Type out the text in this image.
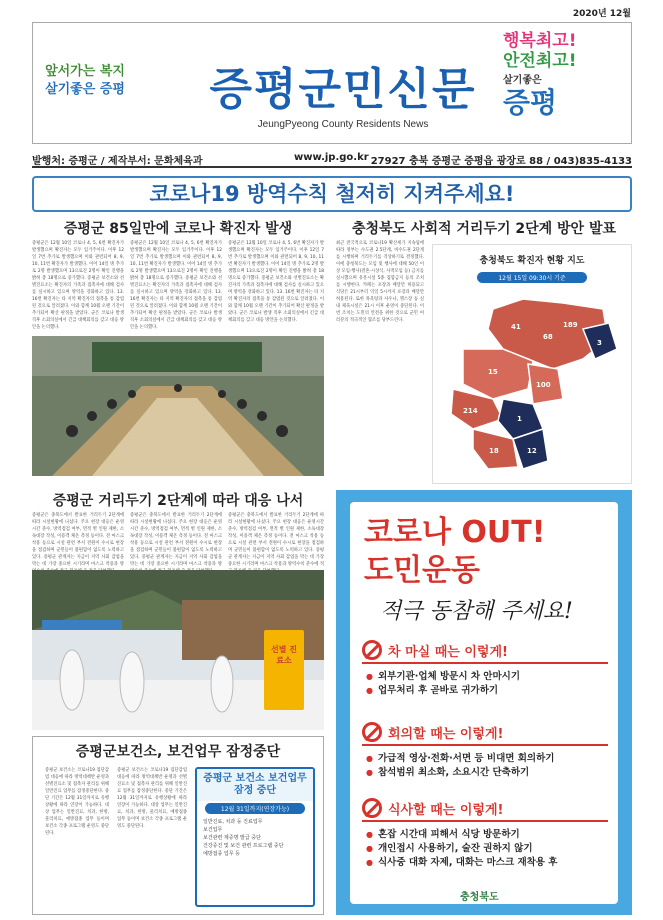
2020년 12월
앞서가는 복지
살기좋은 증평	증평군민신문
JeungPyeong County Residents News
행복최고!
안전최고!
살기좋은
증평
발행처: 증평군 / 제작부서: 문화체육과	www.jp.go.kr 27927 충북 증평군 증평읍 광장로 88 / 043)835-4133
코로나19 방역수칙 철저히 지켜주세요!
증평군 85일만에 코로나 확진자 발생
증평군은 12월 10일 코로나 4, 5, 6번 확진자가 발생했으며 확진자는 모두 입거주이다. 이후 12일 7번 추가로 발생했으며 이와 관련되어 8, 9, 10, 11번 확진자가 발생했다. 이어 14일 병 추가로 2명 발생했으며 13으로진 2명이 확인 진행을 밝혀 총 18명으로 증가했다. 증평군 보건소와 선별진료소는 확진자의 가족과 접촉자에 대해 검사를 실시하고 있으며 방역을 강화하고 있다. 13. 16번 확진자는 타 지역 확진자의 접촉을 통 감염된 것으로 알려졌다. 이와 함께 10월 오랜 기간이 추가되어 확산 판정을 받았다. 군은 코로나 발생 직후 소회의실에서 긴급 대책회의를 갖고 대응 방안을 논의했다.
증평군은 12월 10일 코로나 4, 5, 6번 확진자가 발생했으며 확진자는 모두 입거주이다. 이후 12일 7번 추가로 발생했으며 이와 관련되어 8, 9, 10, 11번 확진자가 발생했다. 이어 14일 병 추가로 2명 발생했으며 13으로진 2명이 확인 진행을 밝혀 총 18명으로 증가했다. 증평군 보건소와 선별진료소는 확진자의 가족과 접촉자에 대해 검사를 실시하고 있으며 방역을 강화하고 있다. 13. 16번 확진자는 타 지역 확진자의 접촉을 통 감염된 것으로 알려졌다. 이와 함께 10월 오랜 기간이 추가되어 확산 판정을 받았다. 군은 코로나 발생 직후 소회의실에서 긴급 대책회의를 갖고 대응 방안을 논의했다.
증평군은 12월 10일 코로나 4, 5, 6번 확진자가 발생했으며 확진자는 모두 입거주이다. 이후 12일 7번 추가로 발생했으며 이와 관련되어 8, 9, 10, 11번 확진자가 발생했다. 이어 14일 병 추가로 2명 발생했으며 13으로진 2명이 확인 진행을 밝혀 총 18명으로 증가했다. 증평군 보건소와 선별진료소는 확진자의 가족과 접촉자에 대해 검사를 실시하고 있으며 방역을 강화하고 있다. 13. 16번 확진자는 타 지역 확진자의 접촉을 통 감염된 것으로 알려졌다. 이와 함께 10월 오랜 기간이 추가되어 확산 판정을 받았다. 군은 코로나 발생 직후 소회의실에서 긴급 대책회의를 갖고 대응 방안을 논의했다.
충청북도 사회적 거리두기 2단계 방안 발표
최근 전국적으로 코로나19 확산세가 지속됨에 따라 정부는 수도권 2.5단계, 비수도권 2단계를 시행하며 거리두기를 격상하기로 결정했다. 이에 충청북도는 모임 및 행사에 대해 50인 이상 모임·행사(결혼·시상식, 사적모임 등) 금지를 실시했으며 유흥시설 5종 집합금지 등의 조치를 시행한다. 카페는 포장과 배달만 허용되고 식당은 21시부터 익일 5시까지 포장과 배달만 허용된다. 또한 목욕탕과 사우나, 헬스장 등 실내 체육시설은 21시 이후 운영이 중단된다. 이번 조치는 도민의 안전을 위한 것으로 군민 여러분의 적극적인 협조를 당부드린다.
충청북도 확진자 현황 지도
12월 15일 09:30시 기준
41
68
189
3
15
100
214
1
18	12
증평군 거리두기 2단계에 따라 대응 나서
증평군은 충북도에서 발표한 거리두기 2단계에 따라 시설현황에 나섰다. 주요 현장 대응은 운영시간 준수, 방역점검 여부, 면적 별 인원 제한, 소독대장 작성, 이용객 체온 측정 등이다. 전 마스크 착용 등으로 시설 관련 부서 전원이 수시로 현장을 점검하며 군민들이 불편함이 없도록 노력하고 있다. 증평군 관계자는 지금이 지역 사회 감염을 막는 데 가장 중요한 시기라며 마스크 착용과 방
증평군은 충북도에서 발표한 거리두기 2단계에 따라 시설현황에 나섰다. 주요 현장 대응은 운영시간 준수, 방역점검 여부, 면적 별 인원 제한, 소독대장 작성, 이용객 체온 측정 등이다. 전 마스크 착용 등으로 시설 관련 부서 전원이 수시로 현장을 점검하며 군민들이 불편함이 없도록 노력하고 있다. 증평군 관계자는 지금이 지역 사회 감염을 막는 데 가장 중요한 시기라며 마스크 착용과 방
증평군은 충북도에서 발표한 거리두기 2단계에 따라 시설현황에 나섰다. 주요 현장 대응은 운영시간 준수, 방역점검 여부, 면적 별 인원 제한, 소독대장 작성, 이용객 체온 측정 등이다. 전 마스크 착용 등으로 시설 관련 부서 전원이 수시로 현장을 점검하며 군민들이 불편함이 없도록 노력하고 있다. 증평군 관계자는 지금이 지역 사회 감염을 막는 데 가장 중요한 시기라며 마스크 착용과 방역수칙 준수에 적
선별 진료소
증평군보건소, 보건업무 잠정중단
증평군 보건소는 코로나19 집단감염 대응에 따라 방역대책반 운영과 선별진료소 및 접촉자 관리를 위해 일반진료 업무를 잠정중단한다. 중단 기간은 12월 31일까지로 유행상황에 따라 연장이 가능하다. 대상 업무는 일반진료, 치과, 한방, 물리치료, 예방접종 업무 등이며 보건소 각종 프로그램 운영도 중단된다.
증평군 보건소는 코로나19 집단감염 대응에 따라 방역대책반 운영과 선별진료소 및 접촉자 관리를 위해 일반진료 업무를 잠정중단한다. 중단 기간은 12월 31일까지로 유행상황에 따라 연장이 가능하다. 대상 업무는 일반진료, 치과, 한방, 물리치료, 예방접종 업무 등이며 보건소 각종 프로그램 운영도 중단된다.
증평군 보건소 보건업무 잠정 중단
12월 31일까지(연장가능)
일반진료, 치과 등 진료업무
보건업무
보건관련 제증명 발급 중단
건강증진 및 보건 관련 프로그램 중단
예방접종 업무 등
코로나 OUT!
도민운동
적극 동참해 주세요!
차 마실 때는 이렇게!
● 외부기관·업체 방문시 차 안마시기
● 업무처리 후 곧바로 귀가하기
회의할 때는 이렇게!
● 가급적 영상·전화·서면 등 비대면 회의하기
● 참석범위 최소화, 소요시간 단축하기
식사할 때는 이렇게!
● 혼잡 시간대 피해서 식당 방문하기
● 개인접시 사용하기, 술잔 권하지 않기
● 식사중 대화 자제, 대화는 마스크 재착용 후
충청북도
